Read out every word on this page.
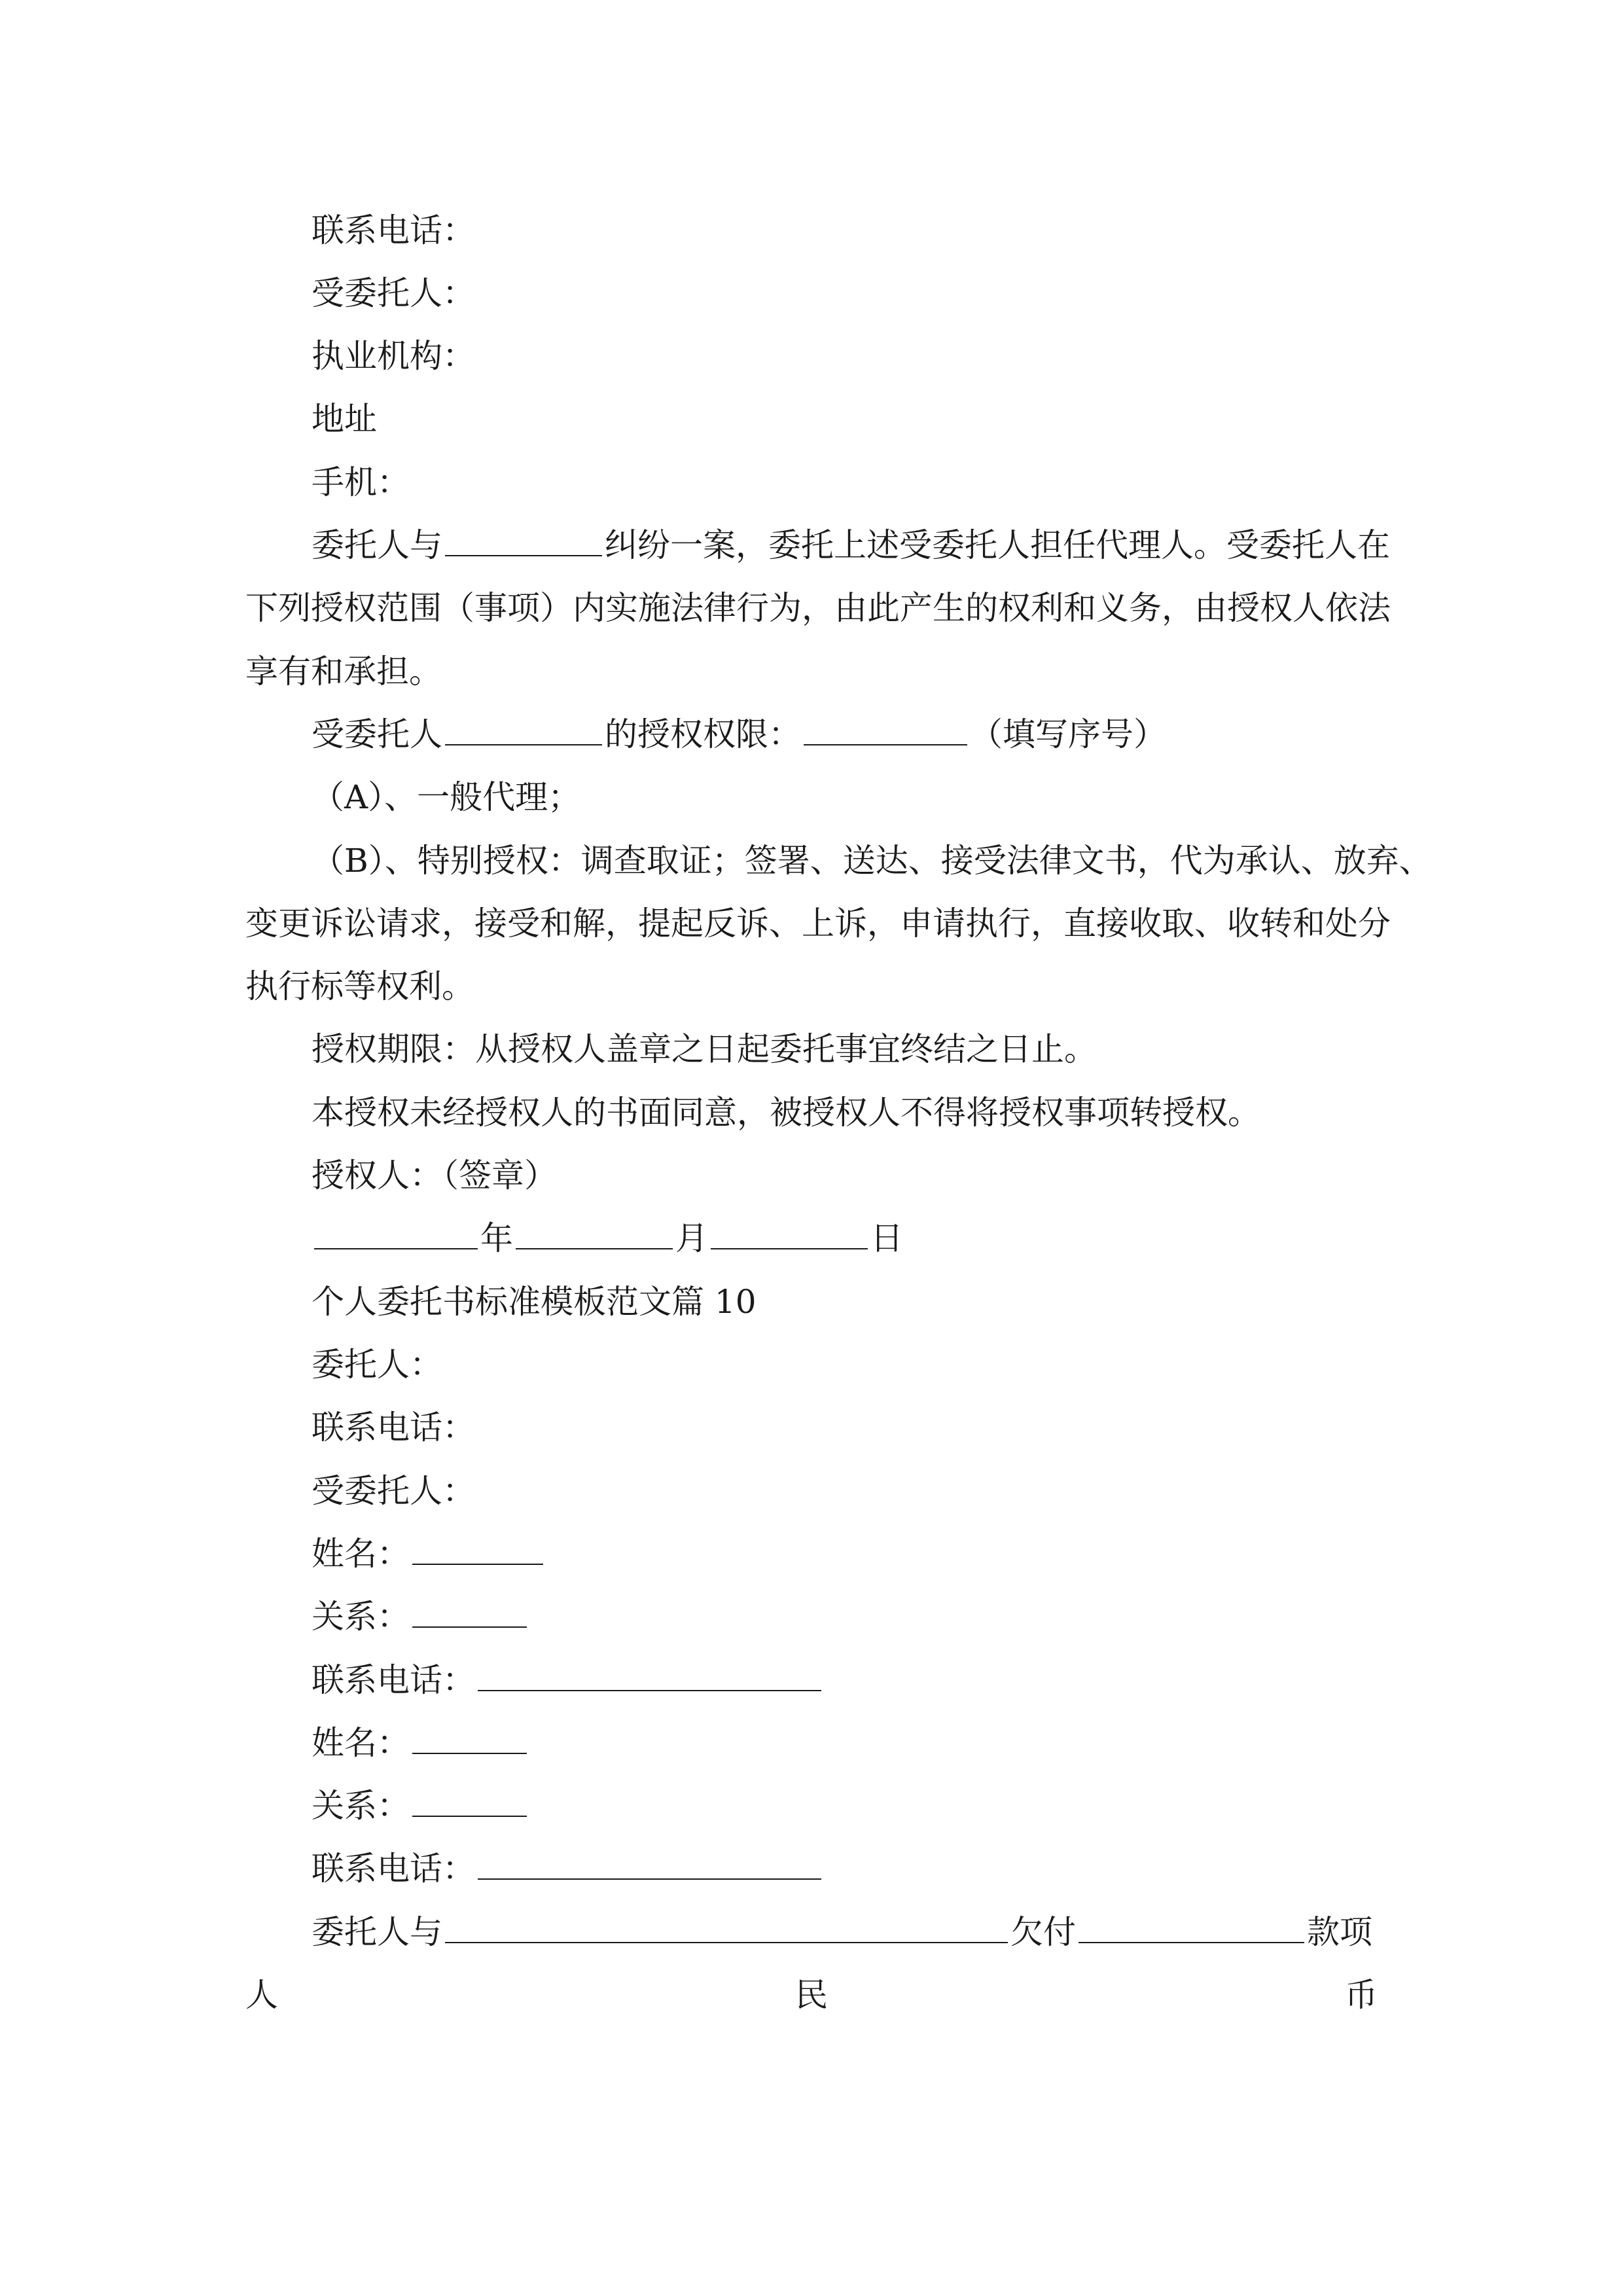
联系电话：
受委托人：
执业机构：
地址
手机：
委托人与	纠纷一案，委托上述受委托人担任代理人。受委托人在
下列授权范围（事项）内实施法律行为，由此产生的权利和义务，由授权人依法
享有和承担。
受委托人	的授权权限：	（填写序号）
（A）、一般代理；
（B）、特别授权：调查取证；签署、送达、接受法律文书，代为承认、放弃、
变更诉讼请求，接受和解，提起反诉、上诉，申请执行，直接收取、收转和处分
执行标等权利。
授权期限：从授权人盖章之日起委托事宜终结之日止。
本授权未经授权人的书面同意，被授权人不得将授权事项转授权。
授权人：（签章）
年	月	日
个人委托书标准模板范文篇 10
委托人：
联系电话：
受委托人：
姓名：
关系：
联系电话：
姓名：
关系：
联系电话：
委托人与	欠付	款项
人	民	币
